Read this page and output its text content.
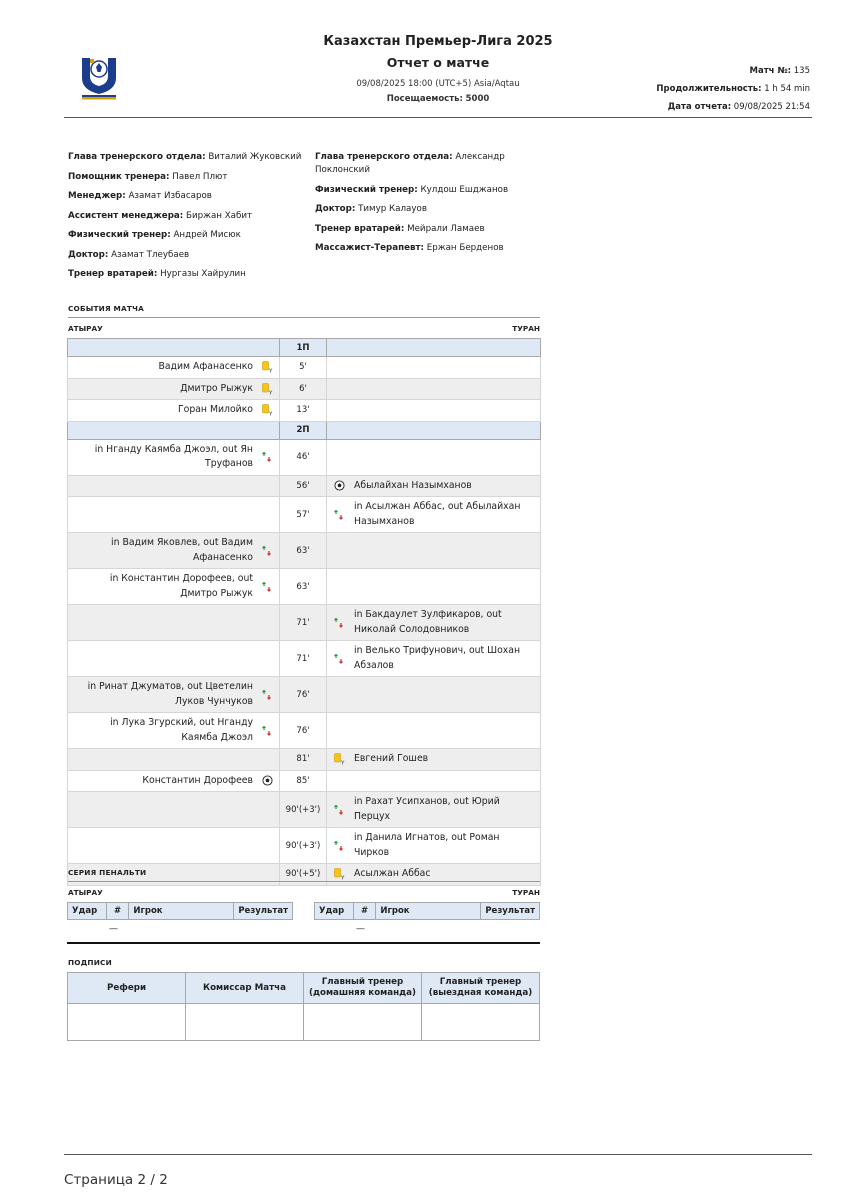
Казахстан Премьер-Лига 2025
Отчет о матче
09/08/2025 18:00 (UTC+5) Asia/Aqtau
Посещаемость: 5000
Матч №: 135
Продолжительность: 1 h 54 min
Дата отчета: 09/08/2025 21:54
Глава тренерского отдела: Виталий Жуковский
Помощник тренера: Павел Плют
Менеджер: Азамат Избасаров
Ассистент менеджера: Биржан Хабит
Физический тренер: Андрей Мисюк
Доктор: Азамат Тлеубаев
Тренер вратарей: Нургазы Хайрулин
Глава тренерского отдела: Александр Поклонский
Физический тренер: Кулдош Ешджанов
Доктор: Тимур Калауов
Тренер вратарей: Мейрали Ламаев
Массажист-Терапевт: Ержан Берденов
СОБЫТИЯ МАТЧА
АТЫРАУ	ТУРАН
	1П	

Вадим Афанасенко Y	5'	

Дмитро Рыжук Y	6'	

Горан Милойко Y	13'	
	2П	

in Нганду Каямба Джоэл, out Ян Труфанов	46'	
	56'	Абылайхан Назымханов

	57'	in Асылжан Аббас, out Абылайхан Назымханов

in Вадим Яковлев, out Вадим Афанасенко	63'	

in Константин Дорофеев, out Дмитро Рыжук	63'	
	71'	in Бакдаулет Зулфикаров, out Николай Солодовников

	71'	in Велько Трифунович, out Шохан Абзалов

in Ринат Джуматов, out Цветелин Луков Чунчуков	76'	

in Лука Згурский, out Нганду Каямба Джоэл	76'	
	81'	Y Евгений Гошев

Константин Дорофеев	85'	
	90'(+3')	in Рахат Усипханов, out Юрий Перцух

	90'(+3')	in Данила Игнатов, out Роман Чирков

	90'(+5')	Y Асылжан Аббас
СЕРИЯ ПЕНАЛЬТИ
АТЫРАУ	ТУРАН
Удар	#	Игрок	Результат	Удар	#	Игрок	Результат
—	—
ПОДПИСИ
Рефери	Комиссар Матча	Главный тренер (домашняя команда)	Главный тренер (выездная команда)

Страница 2 / 2
